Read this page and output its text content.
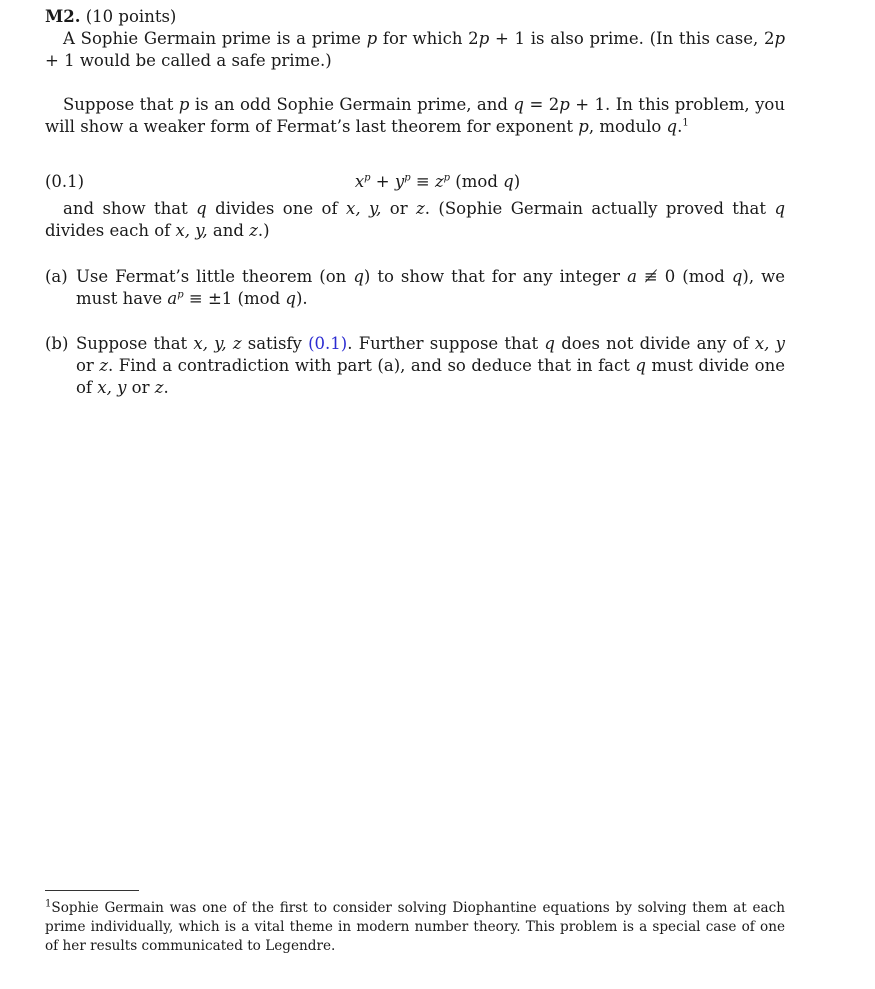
M2. (10 points)
A Sophie Germain prime is a prime p for which 2p + 1 is also prime. (In this case, 2p + 1 would be called a safe prime.)
Suppose that p is an odd Sophie Germain prime, and q = 2p + 1. In this problem, you will show a weaker form of Fermat’s last theorem for exponent p, modulo q.$^1$
(0.1)	$x^p + y^p \equiv z^p$ (mod q)
and show that q divides one of x, y, or z. (Sophie Germain actually proved that q divides each of x, y, and z.)
(a) Use Fermat’s little theorem (on q) to show that for any integer a ≢ 0 (mod q), we must have $a^p \equiv \pm 1$ (mod q).
(b) Suppose that x, y, z satisfy (0.1). Further suppose that q does not divide any of x, y or z. Find a contradiction with part (a), and so deduce that in fact q must divide one of x, y or z.
$^1$Sophie Germain was one of the first to consider solving Diophantine equations by solving them at each prime individually, which is a vital theme in modern number theory. This problem is a special case of one of her results communicated to Legendre.
